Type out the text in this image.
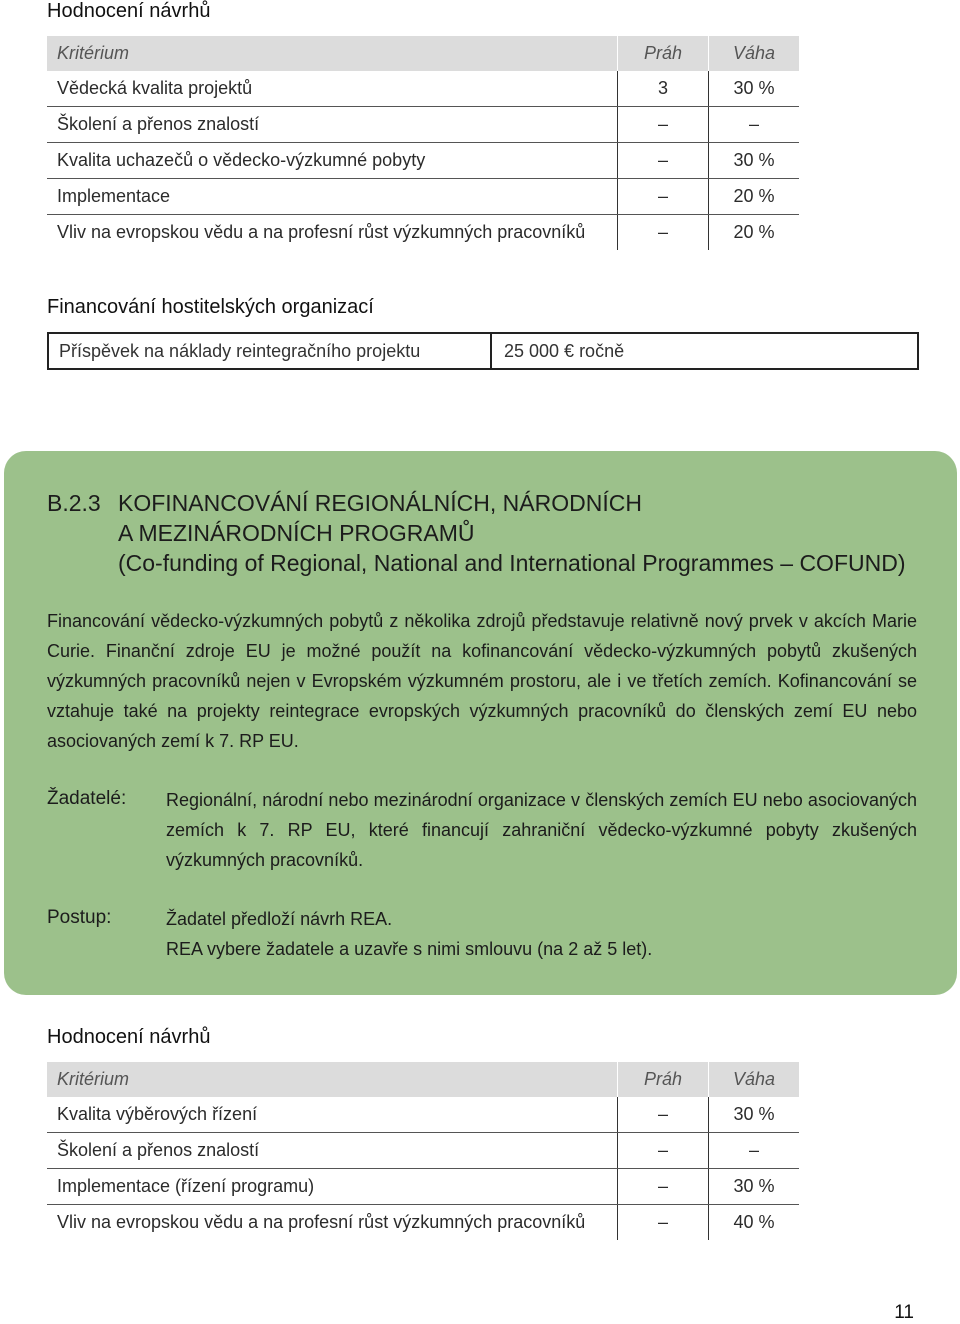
Hodnocení návrhů
Kritérium	Práh	Váha
Vědecká kvalita projektů	3	30 %
Školení a přenos znalostí	–	–
Kvalita uchazečů o vědecko-výzkumné pobyty	–	30 %
Implementace	–	20 %
Vliv na evropskou vědu a na profesní růst výzkumných pracovníků	–	20 %
Financování hostitelských organizací
Příspěvek na náklady reintegračního projektu	25 000 € ročně
B.2.3 KOFINANCOVÁNÍ REGIONÁLNÍCH, NÁRODNÍCH
A MEZINÁRODNÍCH PROGRAMŮ
(Co-funding of Regional, National and International Programmes – COFUND)

Financování vědecko-výzkumných pobytů z několika zdrojů představuje relativně nový prvek v akcích Marie Curie. Finanční zdroje EU je možné použít na kofinancování vědecko-výzkumných pobytů zkušených výzkumných pracovníků nejen v Evropském výzkumném prostoru, ale i ve třetích zemích. Kofinancování se vztahuje také na projekty reintegrace evropských výzkumných pracovníků do členských zemí EU nebo asociovaných zemí k 7. RP EU.

Žadatelé: Regionální, národní nebo mezinárodní organizace v členských zemích EU nebo asociovaných zemích k 7. RP EU, které financují zahraniční vědecko-výzkumné pobyty zkušených výzkumných pracovníků.

Postup:	Žadatel předloží návrh REA.

REA vybere žadatele a uzavře s nimi smlouvu (na 2 až 5 let).

Hodnocení návrhů
Kritérium	Práh	Váha
Kvalita výběrových řízení	–	30 %
Školení a přenos znalostí	–	–
Implementace (řízení programu)	–	30 %
Vliv na evropskou vědu a na profesní růst výzkumných pracovníků	–	40 %
11
